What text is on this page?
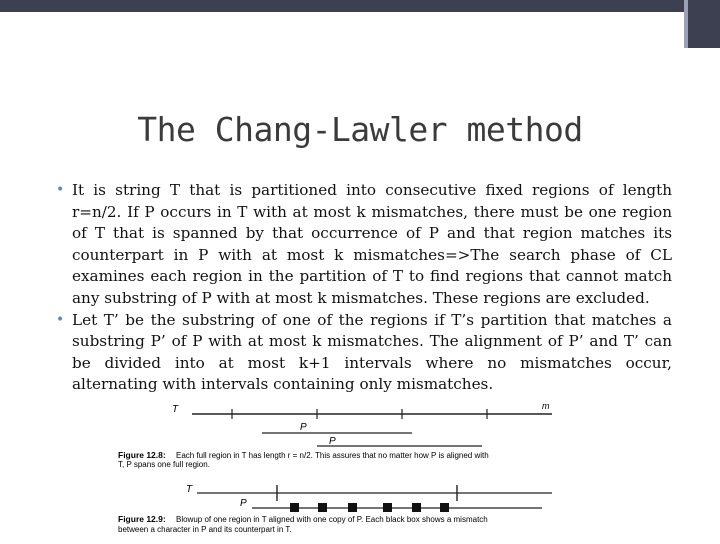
The Chang-Lawler method
• It is string T that is partitioned into consecutive fixed regions of length r=n/2. If P occurs in T with at most k mismatches, there must be one region of T that is spanned by that occurrence of P and that region matches its counterpart in P with at most k mismatches=>The search phase of CL examines each region in the partition of T to find regions that cannot match any substring of P with at most k mismatches. These regions are excluded.
• Let T’ be the substring of one of the regions if T’s partition that matches a substring P’ of P with at most k mismatches. The alignment of P’ and T’ can be divided into at most k+1 intervals where no mismatches occur, alternating with intervals containing only mismatches.
T	m
P
P
Figure 12.8: Each full region in T has length r = n/2. This assures that no matter how P is aligned with
T, P spans one full region.
T
P
Figure 12.9: Blowup of one region in T aligned with one copy of P. Each black box shows a mismatch
between a character in P and its counterpart in T.
